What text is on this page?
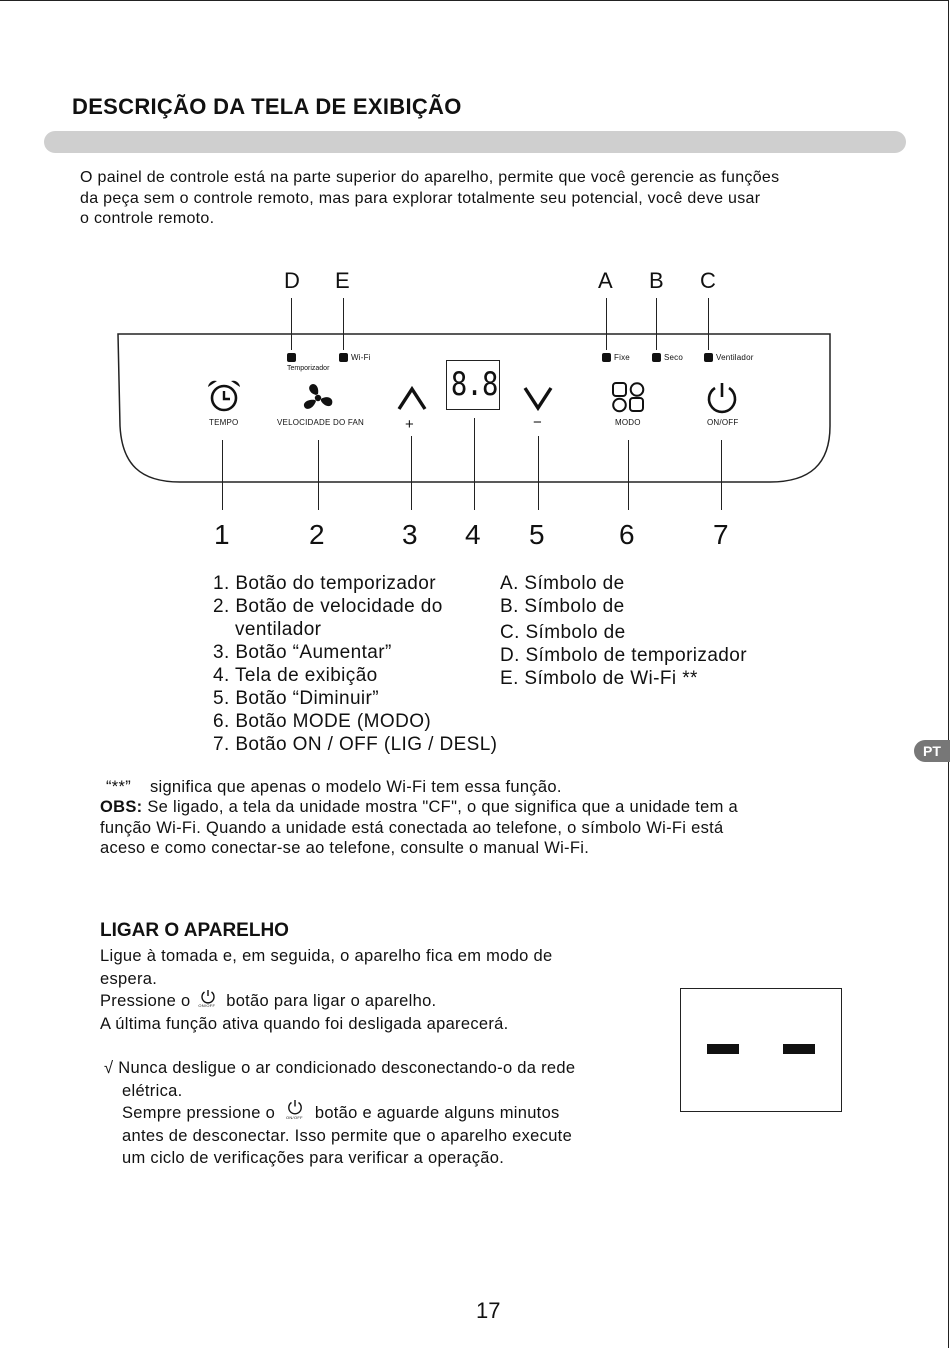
DESCRIÇÃO DA TELA DE EXIBIÇÃO

O painel de controle está na parte superior do aparelho, permite que você gerencie as funções

da peça sem o controle remoto, mas para explorar totalmente seu potencial, você deve usar

o controle remoto.

D E	A B C
Temporizador
Wi-Fi	Fixe	Seco	Ventilador
TEMPO	VELOCIDADE DO FAN	+
8.8
−	MODO	ON/OFF
1	2	3 4 5	6	7
1. Botão do temporizador
2. Botão de velocidade do
ventilador
3. Botão “Aumentar”
4. Tela de exibição
5. Botão “Diminuir”
6. Botão MODE (MODO)
7. Botão ON / OFF (LIG / DESL)
A. Símbolo de
B. Símbolo de
C. Símbolo de
D. Símbolo de temporizador
E. Símbolo de Wi-Fi **
PT
“**” significa que apenas o modelo Wi-Fi tem essa função.

OBS: Se ligado, a tela da unidade mostra "CF", o que significa que a unidade tem a

função Wi-Fi. Quando a unidade está conectada ao telefone, o símbolo Wi-Fi está

aceso e como conectar-se ao telefone, consulte o manual Wi-Fi.

LIGAR O APARELHO
Ligue à tomada e, em seguida, o aparelho fica em modo de
espera.
Pressione o ON/OFF botão para ligar o aparelho.
A última função ativa quando foi desligada aparecerá.
√ Nunca desligue o ar condicionado desconectando-o da rede
elétrica.
Sempre pressione o	ON/OFF botão e aguarde alguns minutos
antes de desconectar. Isso permite que o aparelho execute
um ciclo de verificações para verificar a operação.
17
